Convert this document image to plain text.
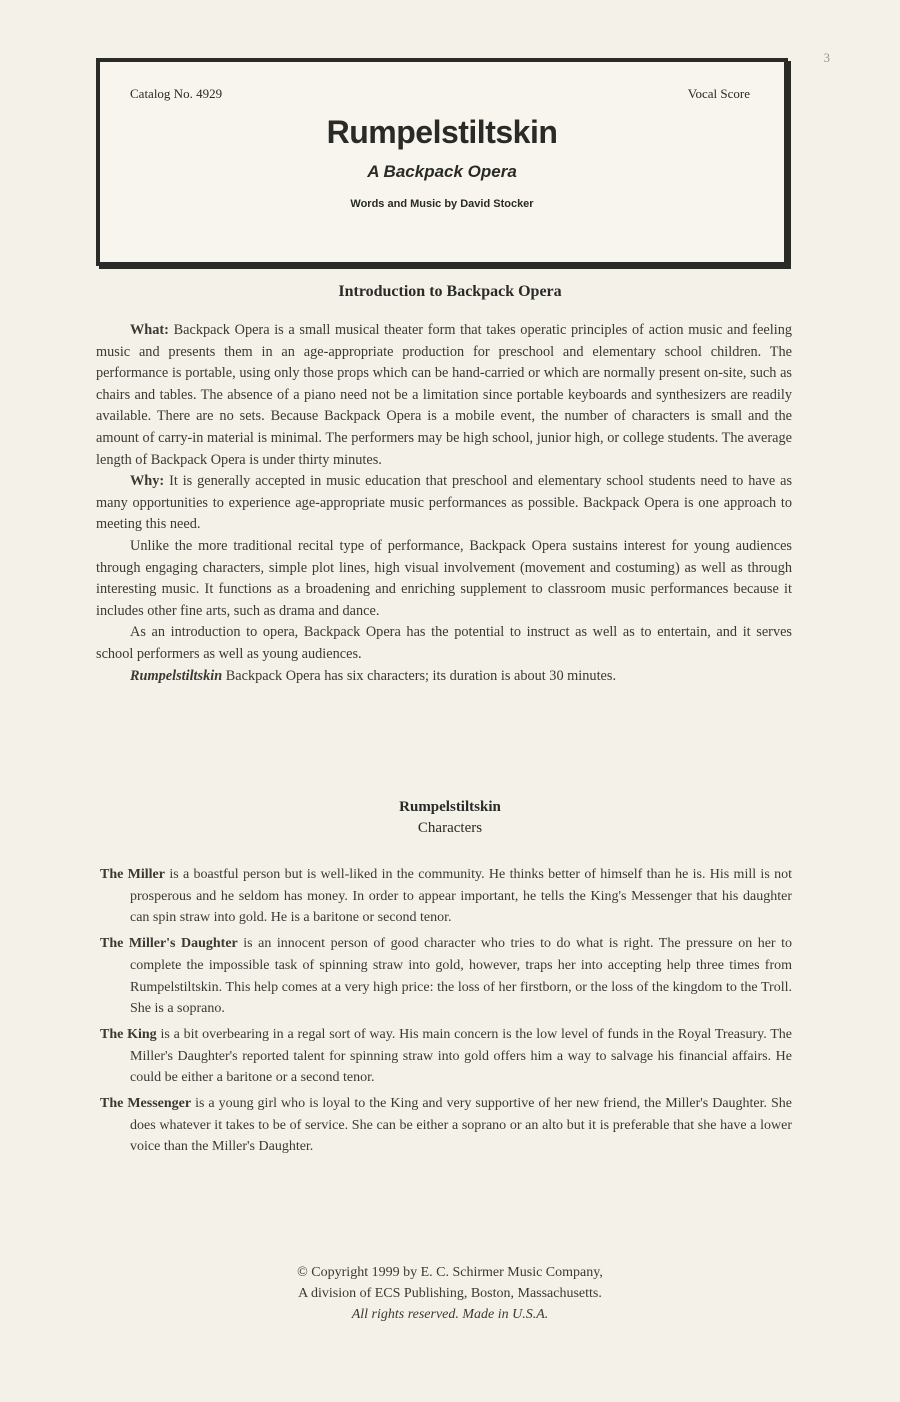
3
Catalog No. 4929	Vocal Score
Rumpelstiltskin
A Backpack Opera
Words and Music by David Stocker
Introduction to Backpack Opera

What: Backpack Opera is a small musical theater form that takes operatic principles of action music and feeling music and presents them in an age-appropriate production for preschool and elementary school children. The performance is portable, using only those props which can be hand-carried or which are normally present on-site, such as chairs and tables. The absence of a piano need not be a limitation since portable keyboards and synthesizers are readily available. There are no sets. Because Backpack Opera is a mobile event, the number of characters is small and the amount of carry-in material is minimal. The performers may be high school, junior high, or college students. The average length of Backpack Opera is under thirty minutes.

Why: It is generally accepted in music education that preschool and elementary school students need to have as many opportunities to experience age-appropriate music performances as possible. Backpack Opera is one approach to meeting this need.

Unlike the more traditional recital type of performance, Backpack Opera sustains interest for young audiences through engaging characters, simple plot lines, high visual involvement (movement and costuming) as well as through interesting music. It functions as a broadening and enriching supplement to classroom music performances because it includes other fine arts, such as drama and dance.

As an introduction to opera, Backpack Opera has the potential to instruct as well as to entertain, and it serves school performers as well as young audiences.

Rumpelstiltskin Backpack Opera has six characters; its duration is about 30 minutes.

Rumpelstiltskin
Characters

The Miller is a boastful person but is well-liked in the community. He thinks better of himself than he is. His mill is not prosperous and he seldom has money. In order to appear important, he tells the King's Messenger that his daughter can spin straw into gold. He is a baritone or second tenor.

The Miller's Daughter is an innocent person of good character who tries to do what is right. The pressure on her to complete the impossible task of spinning straw into gold, however, traps her into accepting help three times from Rumpelstiltskin. This help comes at a very high price: the loss of her firstborn, or the loss of the kingdom to the Troll. She is a soprano.

The King is a bit overbearing in a regal sort of way. His main concern is the low level of funds in the Royal Treasury. The Miller's Daughter's reported talent for spinning straw into gold offers him a way to salvage his financial affairs. He could be either a baritone or a second tenor.

The Messenger is a young girl who is loyal to the King and very supportive of her new friend, the Miller's Daughter. She does whatever it takes to be of service. She can be either a soprano or an alto but it is preferable that she have a lower voice than the Miller's Daughter.

© Copyright 1999 by E. C. Schirmer Music Company,
A division of ECS Publishing, Boston, Massachusetts.
All rights reserved. Made in U.S.A.
